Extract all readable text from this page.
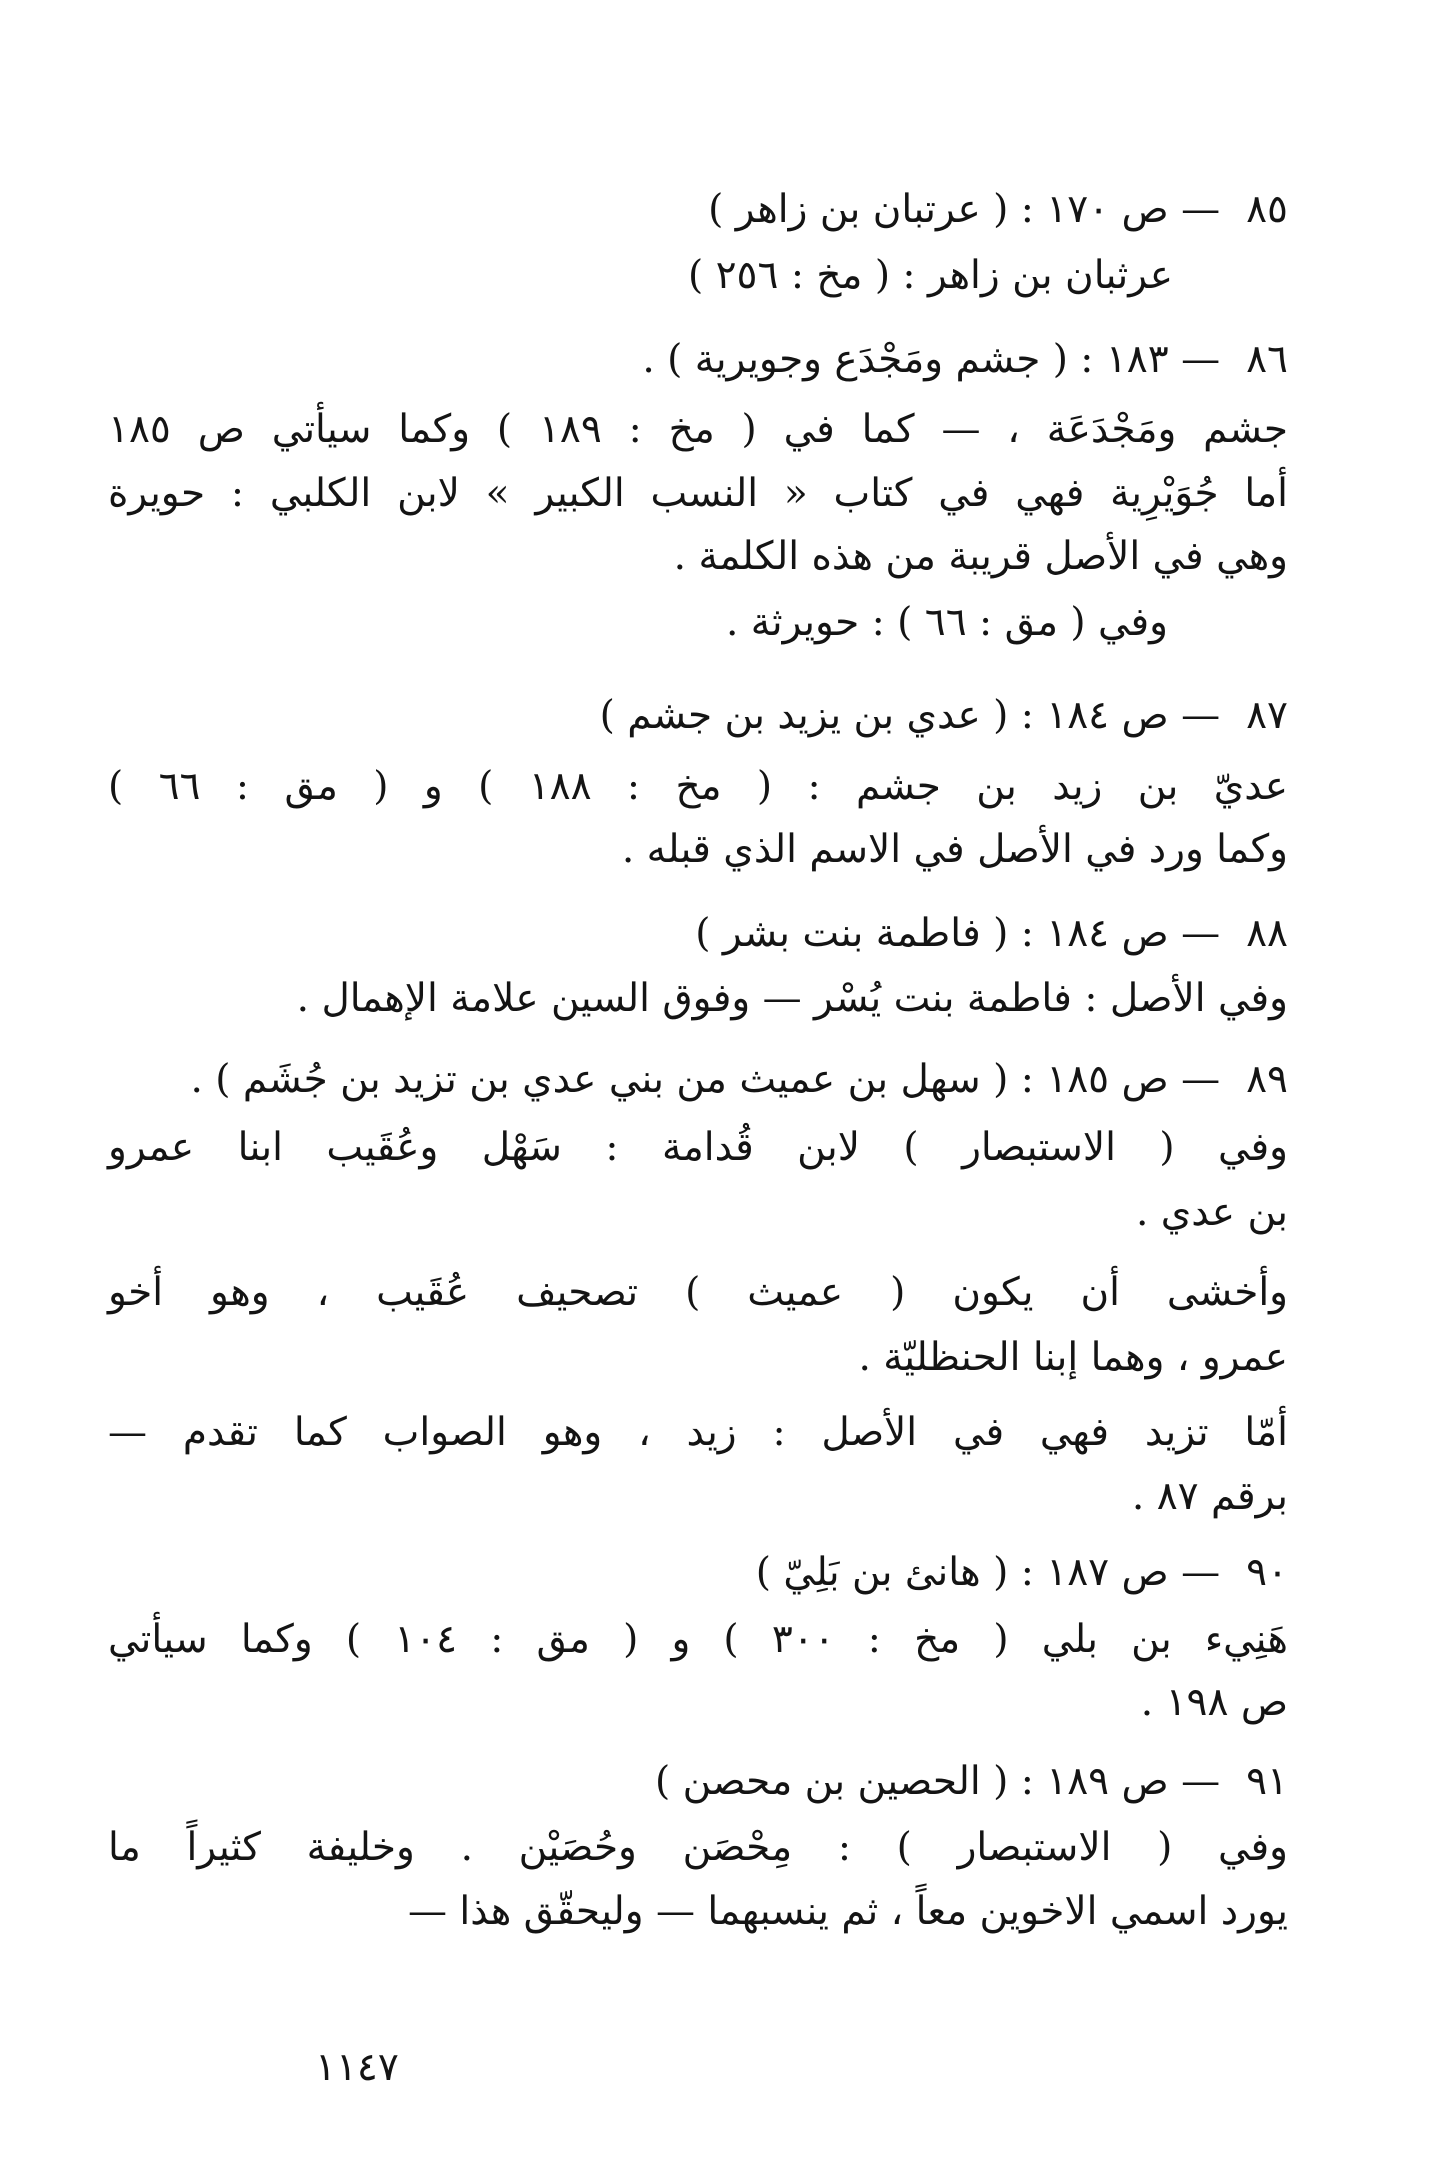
٨٥— ص ١٧٠ : ( عرتبان بن زاهر )
عرثبان بن زاهر : ( مخ : ٢٥٦ )
٨٦— ١٨٣ : ( جشم ومَجْدَع وجويرية ) .
جشم ومَجْدَعَة ، — كما في ( مخ : ١٨٩ ) وكما سيأتي ص ١٨٥
أما جُوَيْرِية فهي في كتاب « النسب الكبير » لابن الكلبي : حويرة
وهي في الأصل قريبة من هذه الكلمة .
وفي ( مق : ٦٦ ) : حويرثة .
٨٧— ص ١٨٤ : ( عدي بن يزيد بن جشم )
عديّ بن زيد بن جشم : ( مخ : ١٨٨ ) و ( مق : ٦٦ )
وكما ورد في الأصل في الاسم الذي قبله .
٨٨— ص ١٨٤ : ( فاطمة بنت بشر )
وفي الأصل : فاطمة بنت يُسْر — وفوق السين علامة الإهمال .
٨٩— ص ١٨٥ : ( سهل بن عميث من بني عدي بن تزيد بن جُشَم ) .
وفي ( الاستبصار ) لابن قُدامة : سَهْل وعُقَيب ابنا عمرو
بن عدي .
وأخشى أن يكون ( عميث ) تصحيف عُقَيب ، وهو أخو
عمرو ، وهما إبنا الحنظليّة .
أمّا تزيد فهي في الأصل : زيد ، وهو الصواب كما تقدم —
برقم ٨٧ .
٩٠— ص ١٨٧ : ( هانئ بن بَلِيّ )
هَنِيء بن بلي ( مخ : ٣٠٠ ) و ( مق : ١٠٤ ) وكما سيأتي
ص ١٩٨ .
٩١— ص ١٨٩ : ( الحصين بن محصن )
وفي ( الاستبصار ) : مِحْصَن وحُصَيْن . وخليفة كثيراً ما
يورد اسمي الاخوين معاً ، ثم ينسبهما — وليحقّق هذا —
١١٤٧
